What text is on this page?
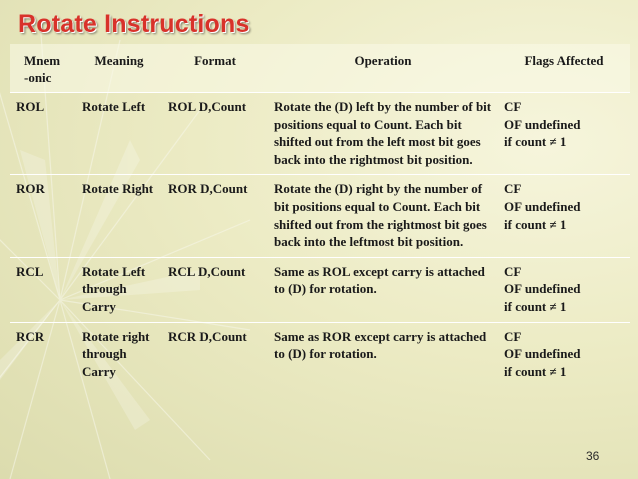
Rotate Instructions
Mnem
-onic	Meaning	Format	Operation	Flags Affected
ROL	Rotate Left	ROL D,Count	Rotate the (D) left by the number of bit positions equal to Count. Each bit shifted out from the left most bit goes back into the rightmost bit position.	CF
OF undefined
if count ≠ 1

ROR	Rotate Right	ROR D,Count	Rotate the (D) right by the number of bit positions equal to Count. Each bit shifted out from the rightmost bit goes back into the leftmost bit position.	CF
OF undefined
if count ≠ 1

RCL	Rotate Left through Carry	RCL D,Count	Same as ROL except carry is attached to (D) for rotation.	CF
OF undefined
if count ≠ 1

RCR	Rotate right through Carry	RCR D,Count	Same as ROR except carry is attached to (D) for rotation.	CF
OF undefined
if count ≠ 1
36
